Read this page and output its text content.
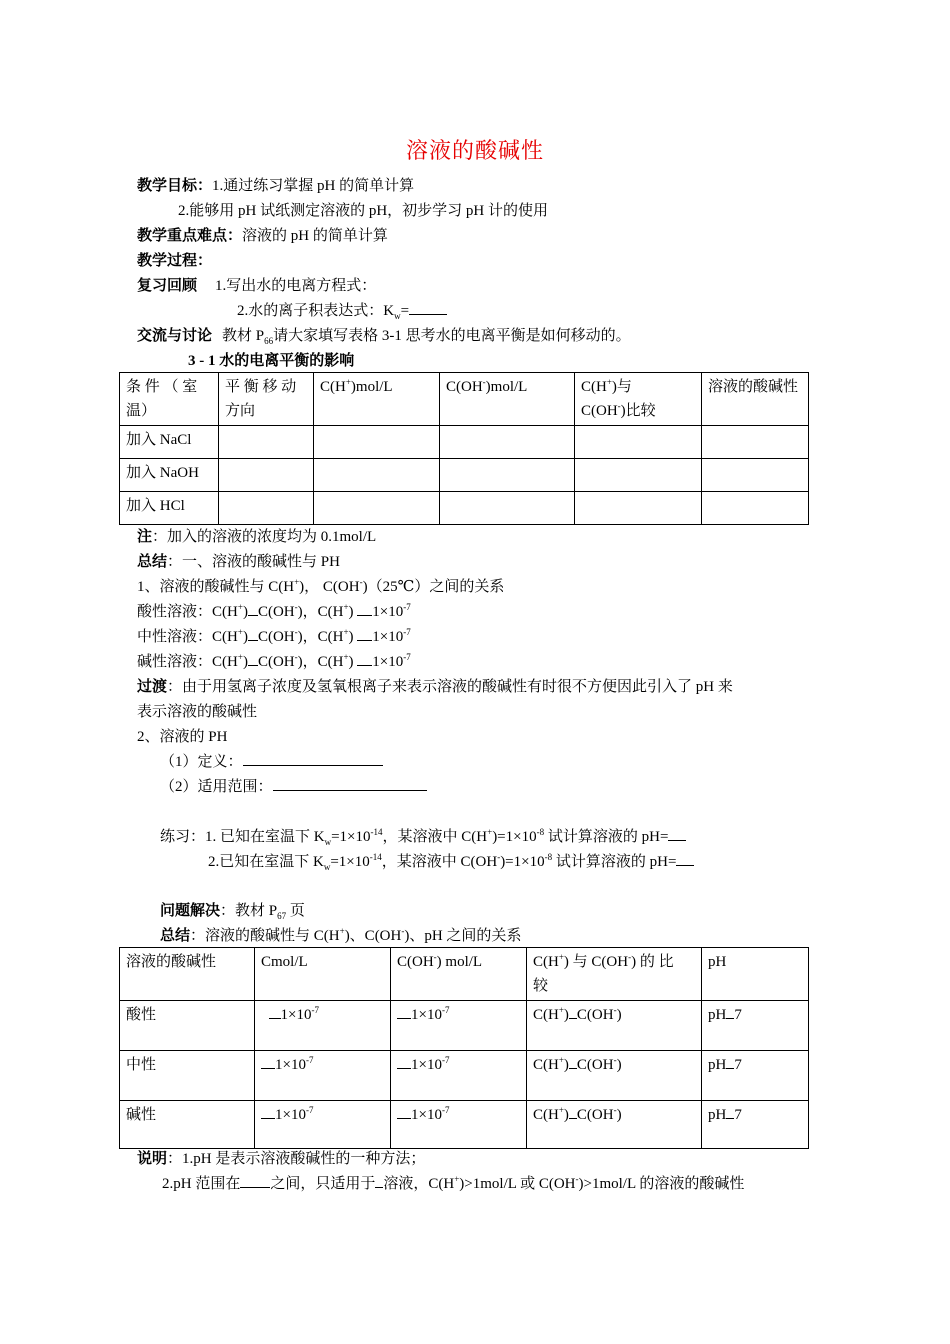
溶液的酸碱性
教学目标：1.通过练习掌握 pH 的简单计算
2.能够用 pH 试纸测定溶液的 pH，初步学习 pH 计的使用
教学重点难点：溶液的 pH 的简单计算
教学过程：
复习回顾 1.写出水的电离方程式：
2.水的离子积表达式：$K_w=$
交流与讨论 教材 $P_{66}$请大家填写表格 3-1 思考水的电离平衡是如何移动的。
3 - 1 水的电离平衡的影响
条 件 （ 室 温）	平 衡 移 动 方向	C(H+)mol/L	C(OH-)mol/L	C(H+)与
C(OH-)比较	溶液的酸碱性
加入 NaCl					
加入 NaOH					
加入 HCl					
注：加入的溶液的浓度均为 0.1mol/L
总结：一、溶液的酸碱性与 PH
1、溶液的酸碱性与 C(H+)， C(OH-)（25℃）之间的关系
酸性溶液：C(H+) C(OH-)，C(H+) $1\times 10^{-7}$
中性溶液：C(H+) C(OH-)，C(H+) $1\times 10^{-7}$
碱性溶液：C(H+) C(OH-)，C(H+) $1\times 10^{-7}$
过渡：由于用氢离子浓度及氢氧根离子来表示溶液的酸碱性有时很不方便因此引入了 pH 来
表示溶液的酸碱性
2、溶液的 PH
（1）定义：
（2）适用范围：
练习：1. 已知在室温下 $K_w=1\times 10^{-14}$，某溶液中 $C(H^+)=1\times 10^{-8}$ 试计算溶液的 pH=
2.已知在室温下 $K_w=1\times 10^{-14}$，某溶液中 $C(OH^-)=1\times 10^{-8}$ 试计算溶液的 pH=
问题解决：教材 $P_{67}$ 页
总结：溶液的酸碱性与 C(H+)、C(OH-)、pH 之间的关系
溶液的酸碱性	Cmol/L	C(OH-) mol/L	C(H+) 与 C(OH-) 的 比
较	pH
酸性	$1\times 10^{-7}$	$1\times 10^{-7}$	C(H+) C(OH-)	pH 7
中性	$1\times 10^{-7}$	$1\times 10^{-7}$	C(H+) C(OH-)	pH 7
碱性	$1\times 10^{-7}$	$1\times 10^{-7}$	C(H+) C(OH-)	pH 7
说明：1.pH 是表示溶液酸碱性的一种方法；
2.pH 范围在 之间，只适用于 溶液，C(H+)>1mol/L 或 C(OH-)>1mol/L 的溶液的酸碱性
